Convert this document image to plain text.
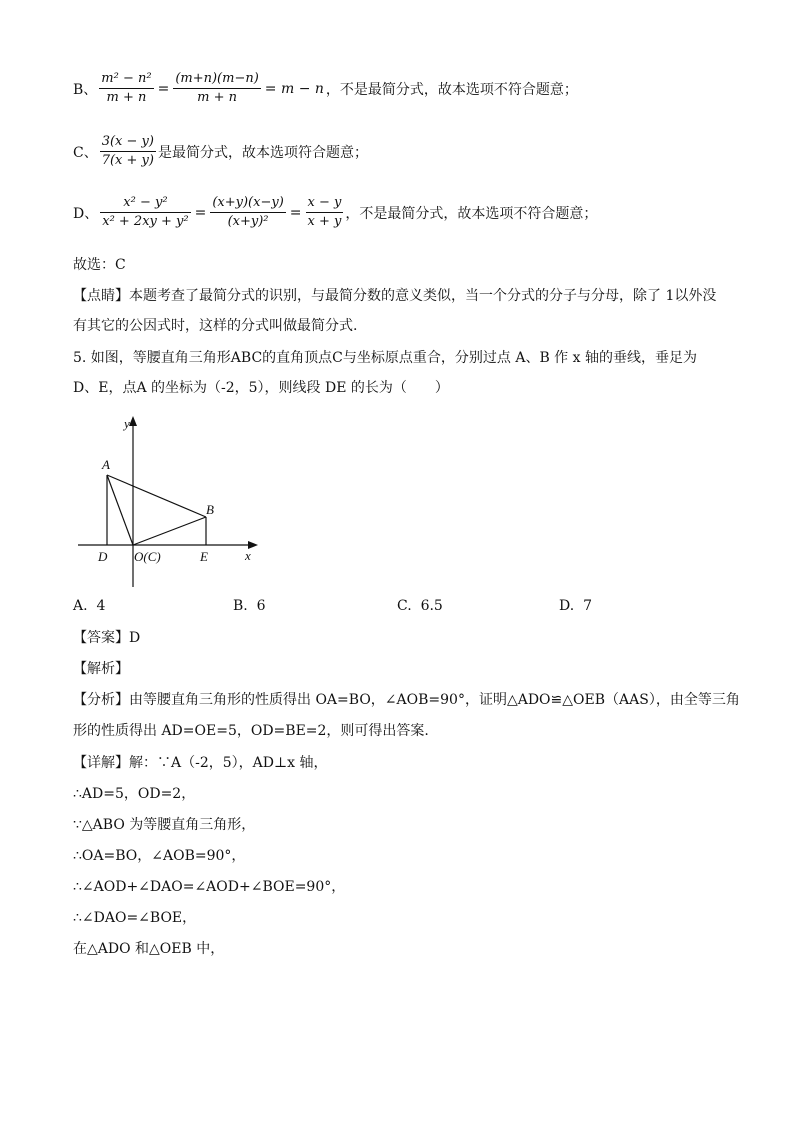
B、 $\frac{\text{m² − n²}}{m + n} = \frac{(m+n)(m-n)}{m + n} = m - n$ ，不是最简分式，故本选项不符合题意；
C、 $\frac{3(x - y)}{7(x + y)}$ 是最简分式，故本选项符合题意；
D、 $\frac{\text{x² − y²}}{\text{x² + 2xy + y²}} = \frac{(x+y)(x-y)}{\text{(x+y)²}} = \frac{x - y}{x + y}$ ，不是最简分式，故本选项不符合题意；
故选：C
【点睛】本题考查了最简分式的识别，与最简分数的意义类似，当一个分式的分子与分母，除了 1以外没
有其它的公因式时，这样的分式叫做最简分式.
5. 如图，等腰直角三角形ABC的直角顶点C与坐标原点重合，分别过点 A、B 作 x 轴的垂线，垂足为
D、E，点A 的坐标为（-2，5），则线段 DE 的长为（　　）
y
x
A
B
D O(C)	E
A. 4	B. 6	C. 6.5	D. 7
【答案】D
【解析】
【分析】由等腰直角三角形的性质得出 OA=BO，∠AOB=90°，证明△ADO≌△OEB（AAS），由全等三角
形的性质得出 AD=OE=5，OD=BE=2，则可得出答案.
【详解】解：∵A（-2，5），AD⊥x 轴，
∴AD=5，OD=2，
∵△ABO 为等腰直角三角形，
∴OA=BO，∠AOB=90°，
∴∠AOD+∠DAO=∠AOD+∠BOE=90°，
∴∠DAO=∠BOE，
在△ADO 和△OEB 中，
